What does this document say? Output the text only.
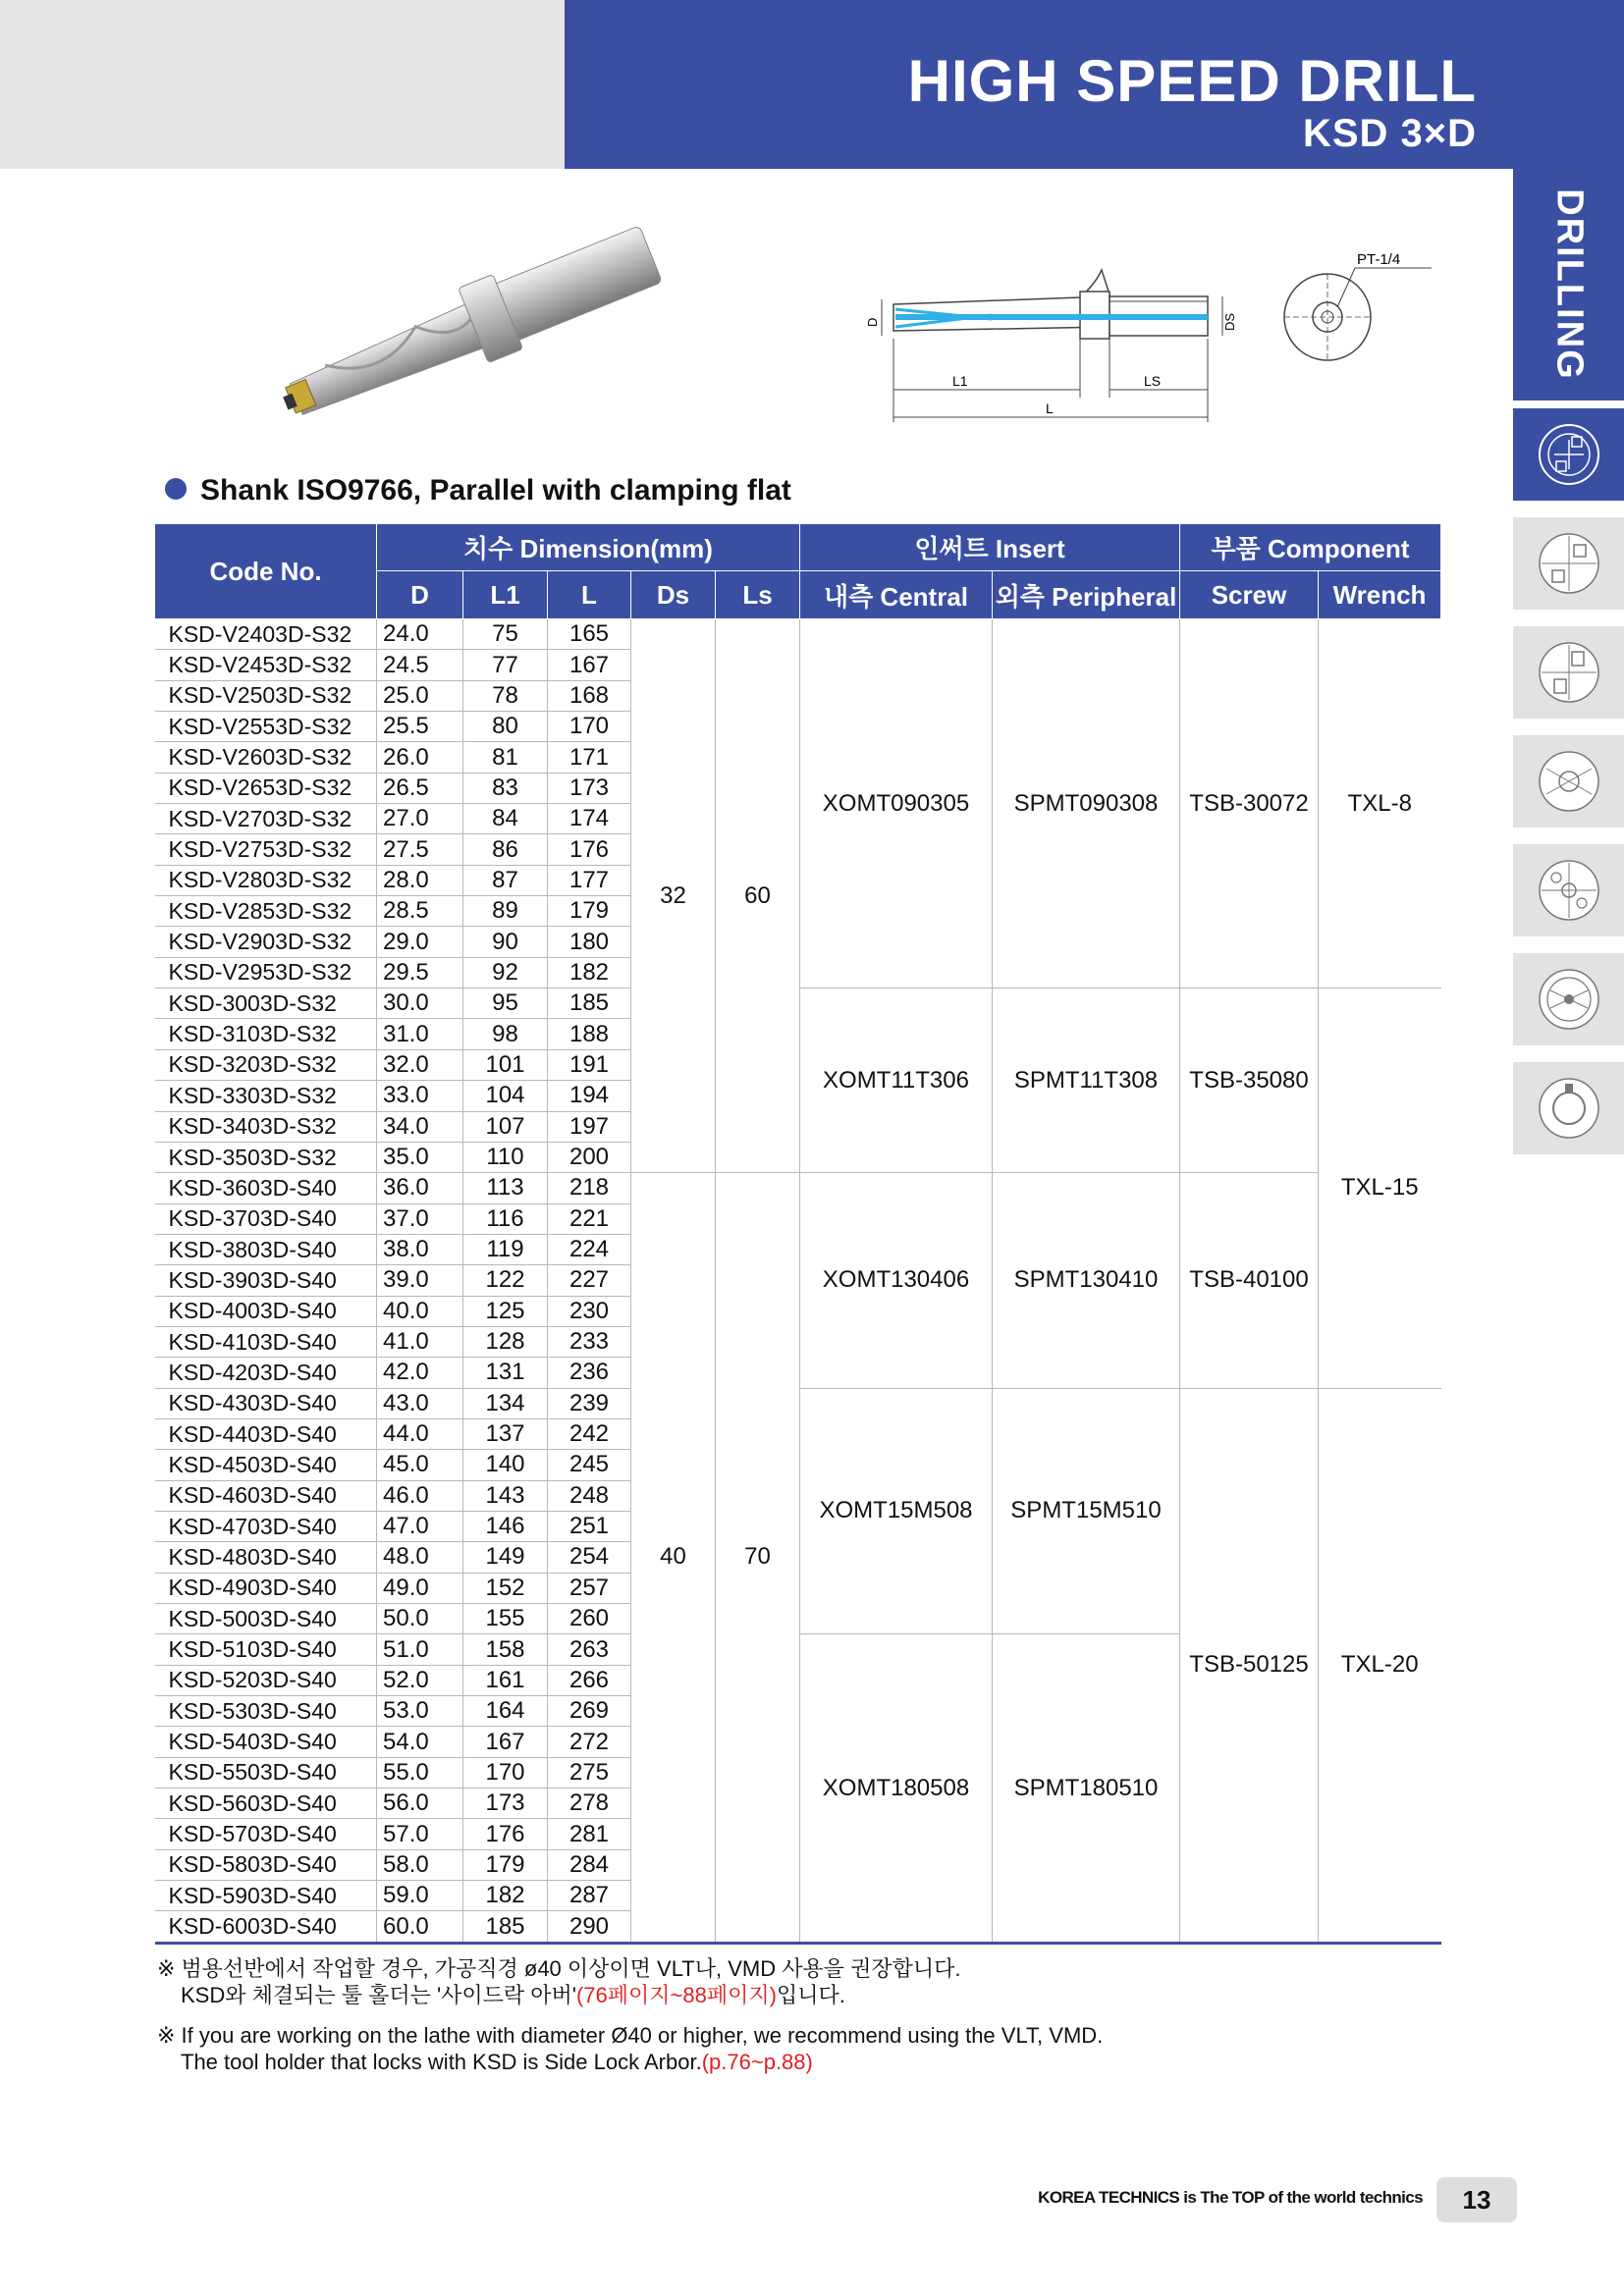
HIGH SPEED DRILL
KSD 3×D
DRILLING
D	DS
L1	LS
L
PT-1/4
Shank ISO9766, Parallel with clamping flat
Code No.	치수 Dimension(mm)					인써트 Insert		부품 Component	
	D	L1	L	Ds	Ls	내측 Central	외측 Peripheral	Screw	Wrench
KSD-V2403D-S32	24.0	75	165	32	60	XOMT090305	SPMT090308	TSB-30072	TXL-8
KSD-V2453D-S32	24.5	77	167						
KSD-V2503D-S32	25.0	78	168						
KSD-V2553D-S32	25.5	80	170						
KSD-V2603D-S32	26.0	81	171						
KSD-V2653D-S32	26.5	83	173						
KSD-V2703D-S32	27.0	84	174						
KSD-V2753D-S32	27.5	86	176						
KSD-V2803D-S32	28.0	87	177						
KSD-V2853D-S32	28.5	89	179						
KSD-V2903D-S32	29.0	90	180						
KSD-V2953D-S32	29.5	92	182						
KSD-3003D-S32	30.0	95	185			XOMT11T306	SPMT11T308	TSB-35080	TXL-15
KSD-3103D-S32	31.0	98	188						
KSD-3203D-S32	32.0	101	191						
KSD-3303D-S32	33.0	104	194						
KSD-3403D-S32	34.0	107	197						
KSD-3503D-S32	35.0	110	200						
KSD-3603D-S40	36.0	113	218	40	70	XOMT130406	SPMT130410	TSB-40100	
KSD-3703D-S40	37.0	116	221						
KSD-3803D-S40	38.0	119	224						
KSD-3903D-S40	39.0	122	227						
KSD-4003D-S40	40.0	125	230						
KSD-4103D-S40	41.0	128	233						
KSD-4203D-S40	42.0	131	236						
KSD-4303D-S40	43.0	134	239			XOMT15M508	SPMT15M510	TSB-50125	TXL-20
KSD-4403D-S40	44.0	137	242						
KSD-4503D-S40	45.0	140	245						
KSD-4603D-S40	46.0	143	248						
KSD-4703D-S40	47.0	146	251						
KSD-4803D-S40	48.0	149	254						
KSD-4903D-S40	49.0	152	257						
KSD-5003D-S40	50.0	155	260						
KSD-5103D-S40	51.0	158	263			XOMT180508	SPMT180510		
KSD-5203D-S40	52.0	161	266						
KSD-5303D-S40	53.0	164	269						
KSD-5403D-S40	54.0	167	272						
KSD-5503D-S40	55.0	170	275						
KSD-5603D-S40	56.0	173	278						
KSD-5703D-S40	57.0	176	281						
KSD-5803D-S40	58.0	179	284						
KSD-5903D-S40	59.0	182	287						
KSD-6003D-S40	60.0	185	290						
※ 범용선반에서 작업할 경우, 가공직경 ø40 이상이면 VLT나, VMD 사용을 권장합니다.
KSD와 체결되는 툴 홀더는 '사이드락 아버'(76페이지~88페이지)입니다.
※ If you are working on the lathe with diameter Ø40 or higher, we recommend using the VLT, VMD.
The tool holder that locks with KSD is Side Lock Arbor.(p.76~p.88)
KOREA TECHNICS is The TOP of the world technics	13
